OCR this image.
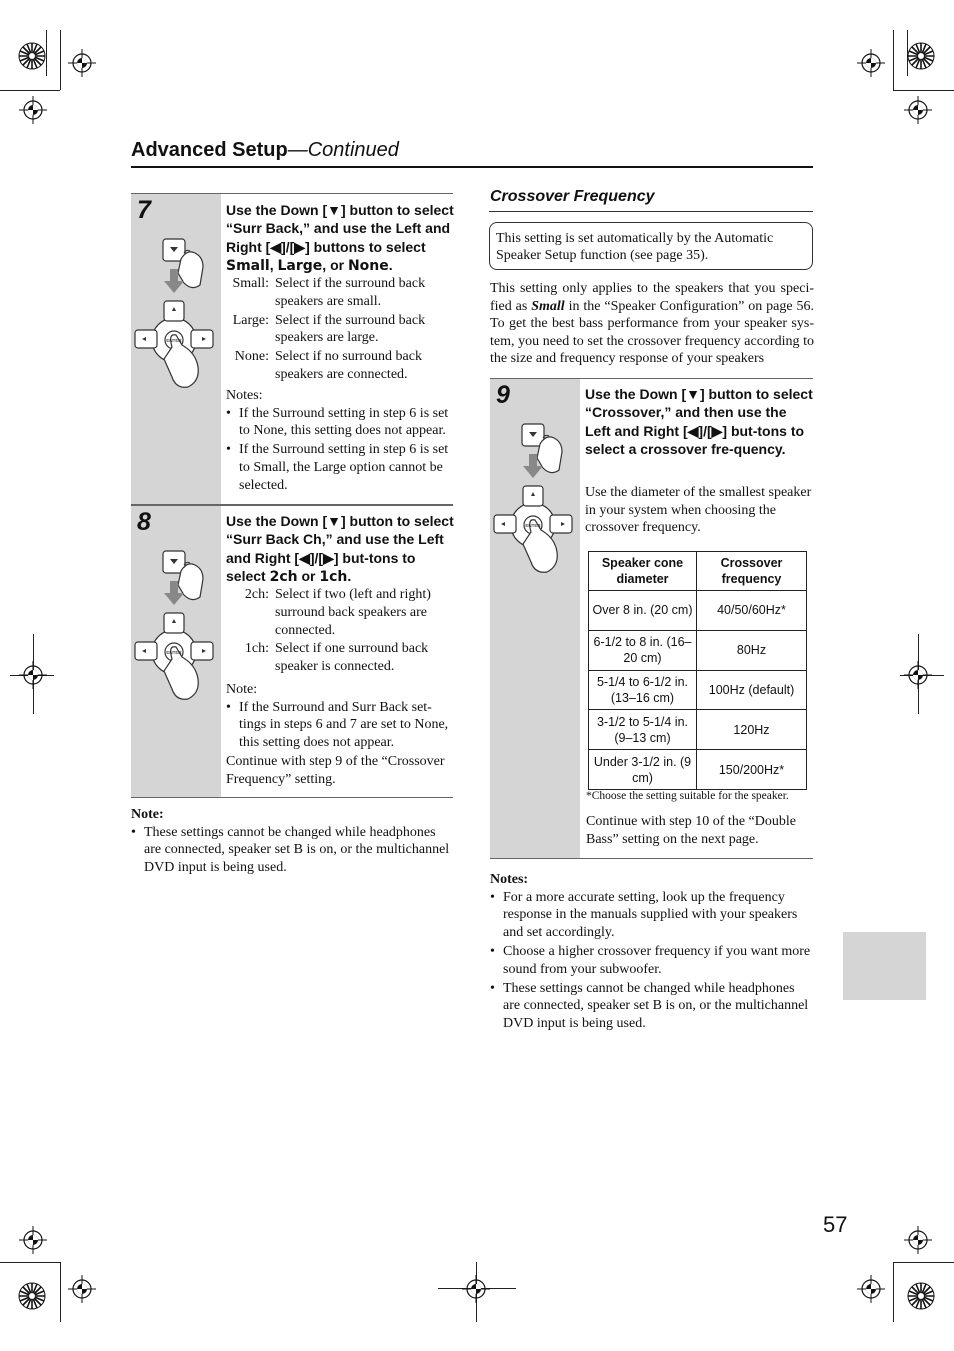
Advanced Setup—Continued
7
ENTER
Use the Down [▼] button to select “Surr Back,” and use the Left and Right [◀]/[▶] buttons to select Small, Large, or None.
Small: Select if the surround back speakers are small.
Large: Select if the surround back speakers are large.
None: Select if no surround back speakers are connected.
Notes:
• If the Surround setting in step 6 is set to None, this setting does not appear.
• If the Surround setting in step 6 is set to Small, the Large option cannot be selected.
8
ENTER
Use the Down [▼] button to select “Surr Back Ch,” and use the Left and Right [◀]/[▶] but-tons to select 2ch or 1ch.
2ch: Select if two (left and right) surround back speakers are connected.
1ch: Select if one surround back speaker is connected.
Note:
• If the Surround and Surr Back set-tings in steps 6 and 7 are set to None, this setting does not appear.
Continue with step 9 of the “Crossover Frequency” setting.
Note:
• These settings cannot be changed while headphones are connected, speaker set B is on, or the multichannel DVD input is being used.
Crossover Frequency
This setting is set automatically by the Automatic Speaker Setup function (see page 35).
This setting only applies to the speakers that you speci-fied as Small in the “Speaker Configuration” on page 56. To get the best bass performance from your speaker sys-tem, you need to set the crossover frequency according to the size and frequency response of your speakers
9
ENTER
Use the Down [▼] button to select “Crossover,” and then use the Left and Right [◀]/[▶] but-tons to select a crossover fre-quency.
Use the diameter of the smallest speaker in your system when choosing the crossover frequency.
Speaker cone diameter	Crossover frequency
Over 8 in. (20 cm)	40/50/60Hz*
6-1/2 to 8 in. (16–20 cm)	80Hz
5-1/4 to 6-1/2 in. (13–16 cm)	100Hz (default)
3-1/2 to 5-1/4 in. (9–13 cm)	120Hz
Under 3-1/2 in. (9 cm)	150/200Hz*
*Choose the setting suitable for the speaker.
Continue with step 10 of the “Double Bass” setting on the next page.
Notes:
• For a more accurate setting, look up the frequency response in the manuals supplied with your speakers and set accordingly.
• Choose a higher crossover frequency if you want more sound from your subwoofer.
• These settings cannot be changed while headphones are connected, speaker set B is on, or the multichannel DVD input is being used.
57
